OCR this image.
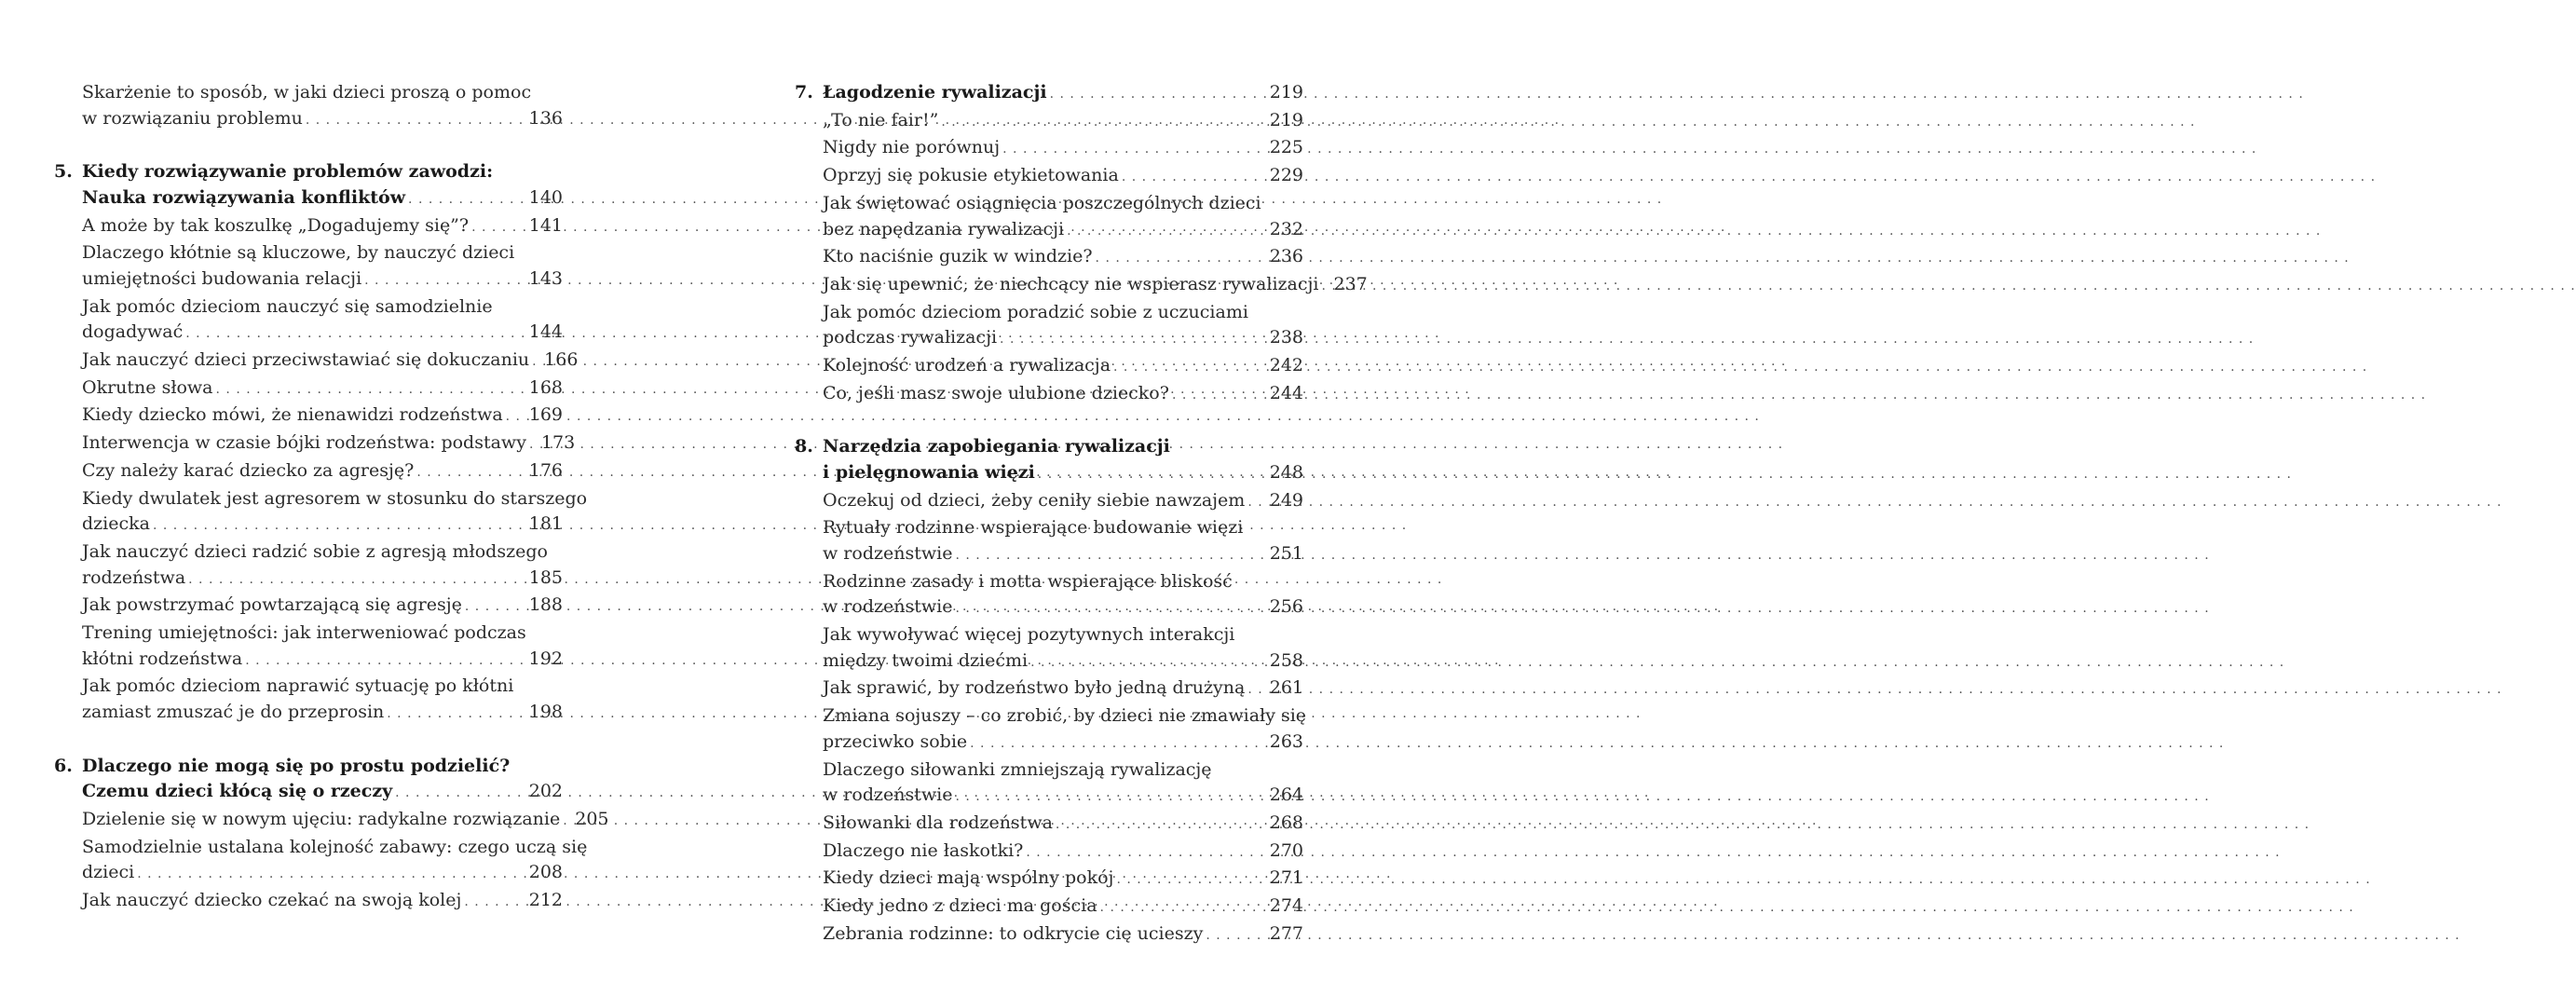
Skarżenie to sposób, w jaki dzieci proszą o pomoc
w rozwiązaniu problemu . . .	136
5. Kiedy rozwiązywanie problemów zawodzi:
Nauka rozwiązywania konfliktów . . .	140
A może by tak koszulkę „Dogadujemy się”? . . .	141
Dlaczego kłótnie są kluczowe, by nauczyć dzieci
umiejętności budowania relacji . . .	143
Jak pomóc dzieciom nauczyć się samodzielnie
dogadywać . . .	144
Jak nauczyć dzieci przeciwstawiać się dokuczaniu . . . 166
Okrutne słowa . . .	168
Kiedy dziecko mówi, że nienawidzi rodzeństwa . . . 169
Interwencja w czasie bójki rodzeństwa: podstawy . . . 173
Czy należy karać dziecko za agresję? . . .	176
Kiedy dwulatek jest agresorem w stosunku do starszego
dziecka . . .	181
Jak nauczyć dzieci radzić sobie z agresją młodszego
rodzeństwa . . .	185
Jak powstrzymać powtarzającą się agresję . . .	188
Trening umiejętności: jak interweniować podczas
kłótni rodzeństwa . . .	192
Jak pomóc dzieciom naprawić sytuację po kłótni
zamiast zmuszać je do przeprosin . . .	198
6. Dlaczego nie mogą się po prostu podzielić?
Czemu dzieci kłócą się o rzeczy . . .	202
Dzielenie się w nowym ujęciu: radykalne rozwiązanie . . . 205
Samodzielnie ustalana kolejność zabawy: czego uczą się
dzieci . . .	208
Jak nauczyć dziecko czekać na swoją kolej . . .	212
7. Łagodzenie rywalizacji . . .	219
„To nie fair!” . . .	219
Nigdy nie porównuj . . .	225
Oprzyj się pokusie etykietowania . . .	229
Jak świętować osiągnięcia poszczególnych dzieci
bez napędzania rywalizacji . . .	232
Kto naciśnie guzik w windzie? . . .	236
Jak się upewnić, że niechcący nie wspierasz rywalizacji . . . 237
Jak pomóc dzieciom poradzić sobie z uczuciami
podczas rywalizacji . . .	238
Kolejność urodzeń a rywalizacja . . .	242
Co, jeśli masz swoje ulubione dziecko? . . .	244
8. Narzędzia zapobiegania rywalizacji
i pielęgnowania więzi . . .	248
Oczekuj od dzieci, żeby ceniły siebie nawzajem . . . 249
Rytuały rodzinne wspierające budowanie więzi
w rodzeństwie . . .	251
Rodzinne zasady i motta wspierające bliskość
w rodzeństwie . . .	256
Jak wywoływać więcej pozytywnych interakcji
między twoimi dziećmi . . .	258
Jak sprawić, by rodzeństwo było jedną drużyną . . . 261
Zmiana sojuszy – co zrobić, by dzieci nie zmawiały się
przeciwko sobie . . .	263
Dlaczego siłowanki zmniejszają rywalizację
w rodzeństwie . . .	264
Siłowanki dla rodzeństwa . . .	268
Dlaczego nie łaskotki? . . .	270
Kiedy dzieci mają wspólny pokój . . .	271
Kiedy jedno z dzieci ma gościa . . .	274
Zebrania rodzinne: to odkrycie cię ucieszy . . .	277
